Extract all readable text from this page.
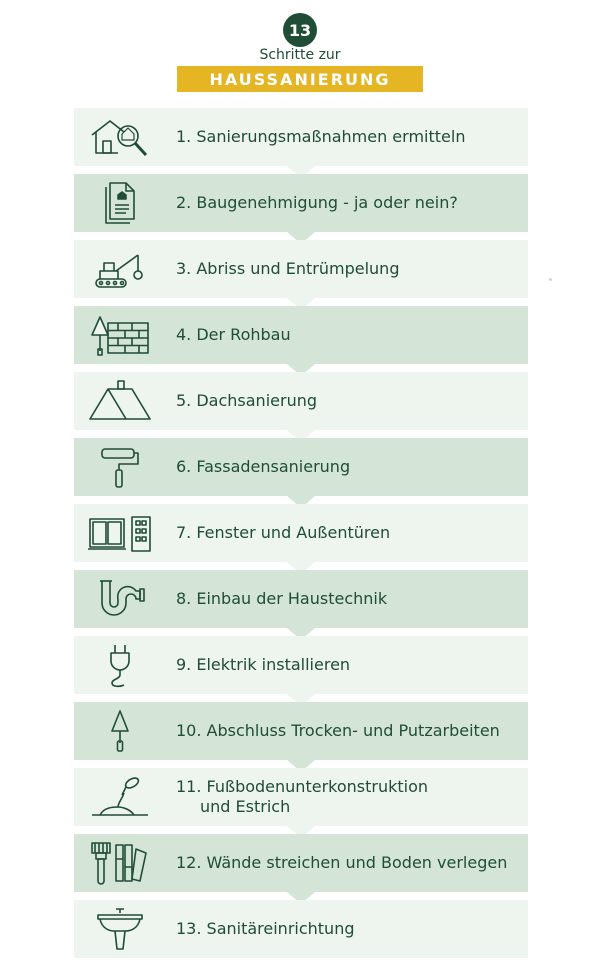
13
Schritte zur
HAUSSANIERUNG
1. Sanierungsmaßnahmen ermitteln
2. Baugenehmigung - ja oder nein?
3. Abriss und Entrümpelung
4. Der Rohbau
5. Dachsanierung
6. Fassadensanierung
7. Fenster und Außentüren
8. Einbau der Haustechnik
9. Elektrik installieren
10. Abschluss Trocken- und Putzarbeiten
11. Fußbodenunterkonstruktion
und Estrich
12. Wände streichen und Boden verlegen
13. Sanitäreinrichtung
